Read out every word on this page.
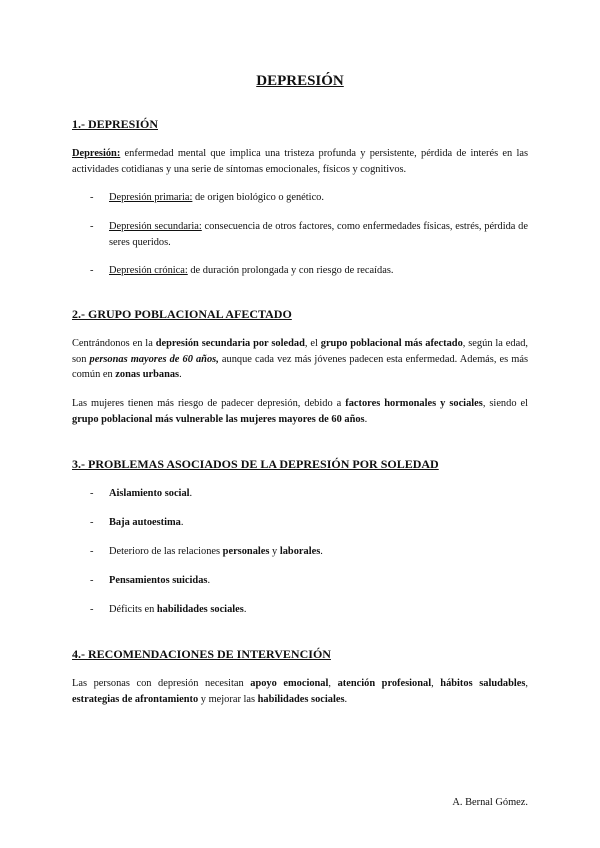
DEPRESIÓN
1.- DEPRESIÓN
Depresión: enfermedad mental que implica una tristeza profunda y persistente, pérdida de interés en las actividades cotidianas y una serie de síntomas emocionales, físicos y cognitivos.
- Depresión primaria: de origen biológico o genético.
- Depresión secundaria: consecuencia de otros factores, como enfermedades físicas, estrés, pérdida de seres queridos.
- Depresión crónica: de duración prolongada y con riesgo de recaídas.
2.- GRUPO POBLACIONAL AFECTADO
Centrándonos en la depresión secundaria por soledad, el grupo poblacional más afectado, según la edad, son personas mayores de 60 años, aunque cada vez más jóvenes padecen esta enfermedad. Además, es más común en zonas urbanas.
Las mujeres tienen más riesgo de padecer depresión, debido a factores hormonales y sociales, siendo el grupo poblacional más vulnerable las mujeres mayores de 60 años.
3.- PROBLEMAS ASOCIADOS DE LA DEPRESIÓN POR SOLEDAD
- Aislamiento social.
- Baja autoestima.
- Deterioro de las relaciones personales y laborales.
- Pensamientos suicidas.
- Déficits en habilidades sociales.
4.- RECOMENDACIONES DE INTERVENCIÓN
Las personas con depresión necesitan apoyo emocional, atención profesional, hábitos saludables, estrategias de afrontamiento y mejorar las habilidades sociales.
A. Bernal Gómez.
